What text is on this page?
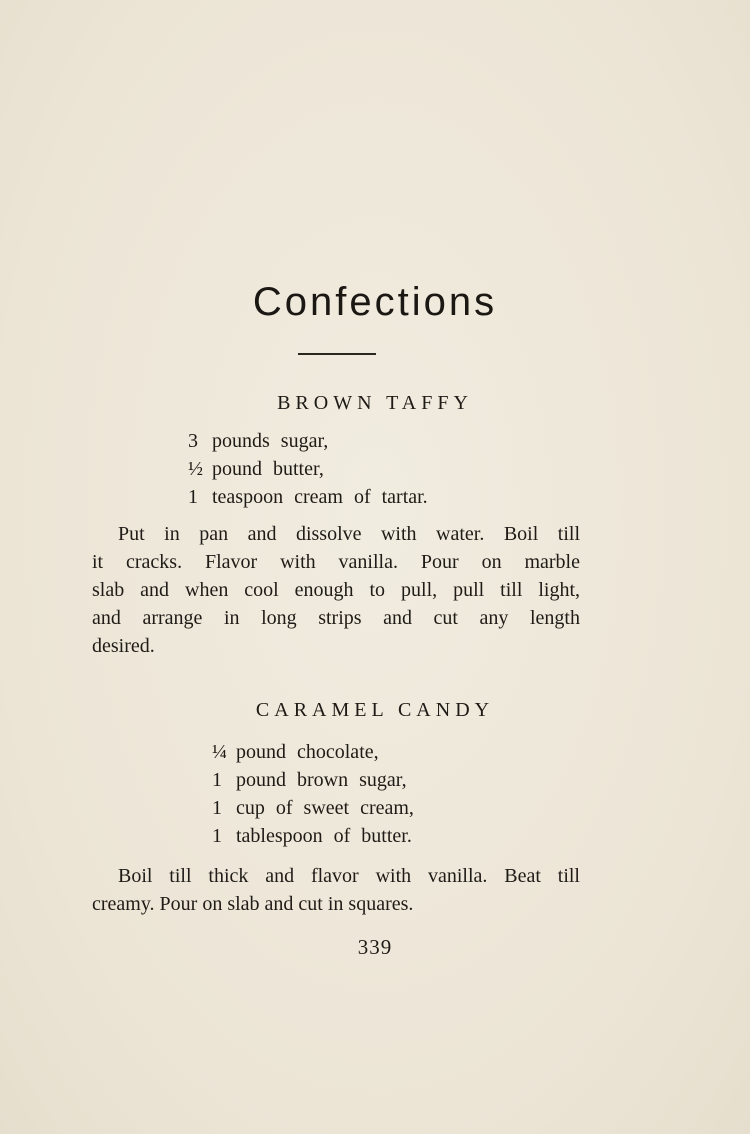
Confections
BROWN TAFFY
3 pounds sugar,
½ pound butter,
1 teaspoon cream of tartar.

Put in pan and dissolve with water. Boil till
it cracks. Flavor with vanilla. Pour on marble
slab and when cool enough to pull, pull till light,
and arrange in long strips and cut any length
desired.

CARAMEL CANDY
¼ pound chocolate,
1 pound brown sugar,
1 cup of sweet cream,
1 tablespoon of butter.

Boil till thick and flavor with vanilla. Beat till
creamy. Pour on slab and cut in squares.

339
